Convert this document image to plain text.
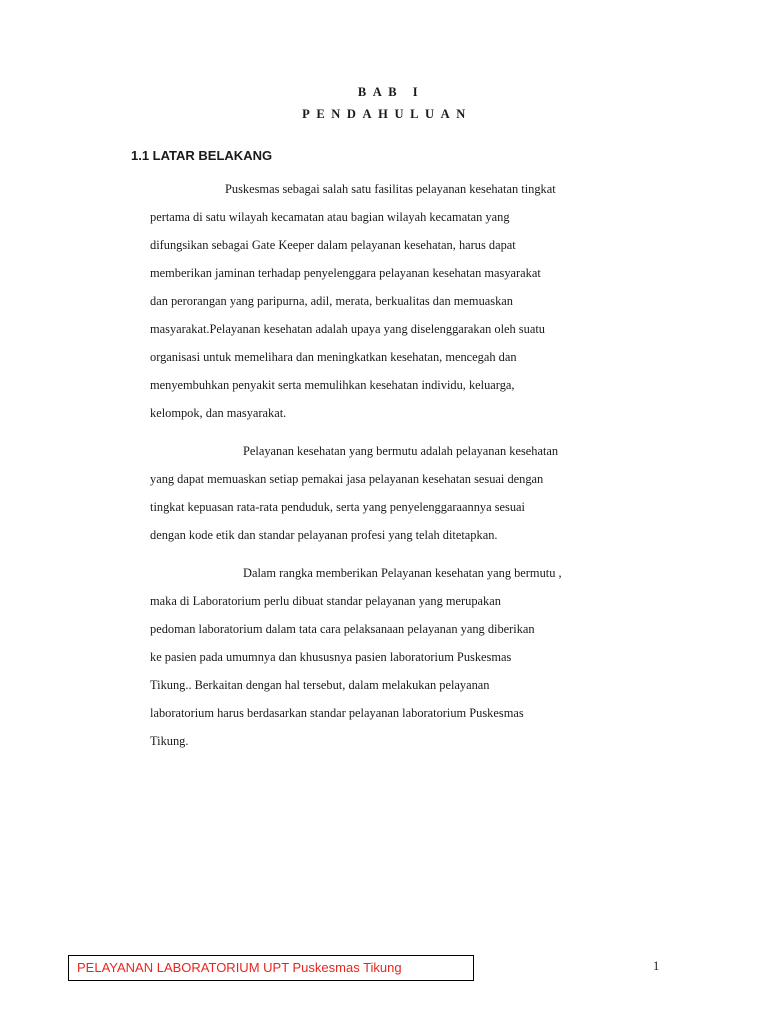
BAB I
PENDAHULUAN
1.1 LATAR BELAKANG
Puskesmas sebagai salah satu fasilitas pelayanan kesehatan tingkat
pertama di satu wilayah kecamatan atau bagian wilayah kecamatan yang
difungsikan sebagai Gate Keeper dalam pelayanan kesehatan, harus dapat
memberikan jaminan terhadap penyelenggara pelayanan kesehatan masyarakat
dan perorangan yang paripurna, adil, merata, berkualitas dan memuaskan
masyarakat.Pelayanan kesehatan adalah upaya yang diselenggarakan oleh suatu
organisasi untuk memelihara dan meningkatkan kesehatan, mencegah dan
menyembuhkan penyakit serta memulihkan kesehatan individu, keluarga,
kelompok, dan masyarakat.
Pelayanan kesehatan yang bermutu adalah pelayanan kesehatan
yang dapat memuaskan setiap pemakai jasa pelayanan kesehatan sesuai dengan
tingkat kepuasan rata-rata penduduk, serta yang penyelenggaraannya sesuai
dengan kode etik dan standar pelayanan profesi yang telah ditetapkan.
Dalam rangka memberikan Pelayanan kesehatan yang bermutu ,
maka di Laboratorium perlu dibuat standar pelayanan yang merupakan
pedoman laboratorium dalam tata cara pelaksanaan pelayanan yang diberikan
ke pasien pada umumnya dan khususnya pasien laboratorium Puskesmas
Tikung.. Berkaitan dengan hal tersebut, dalam melakukan pelayanan
laboratorium harus berdasarkan standar pelayanan laboratorium Puskesmas
Tikung.
PELAYANAN LABORATORIUM UPT Puskesmas Tikung	1
